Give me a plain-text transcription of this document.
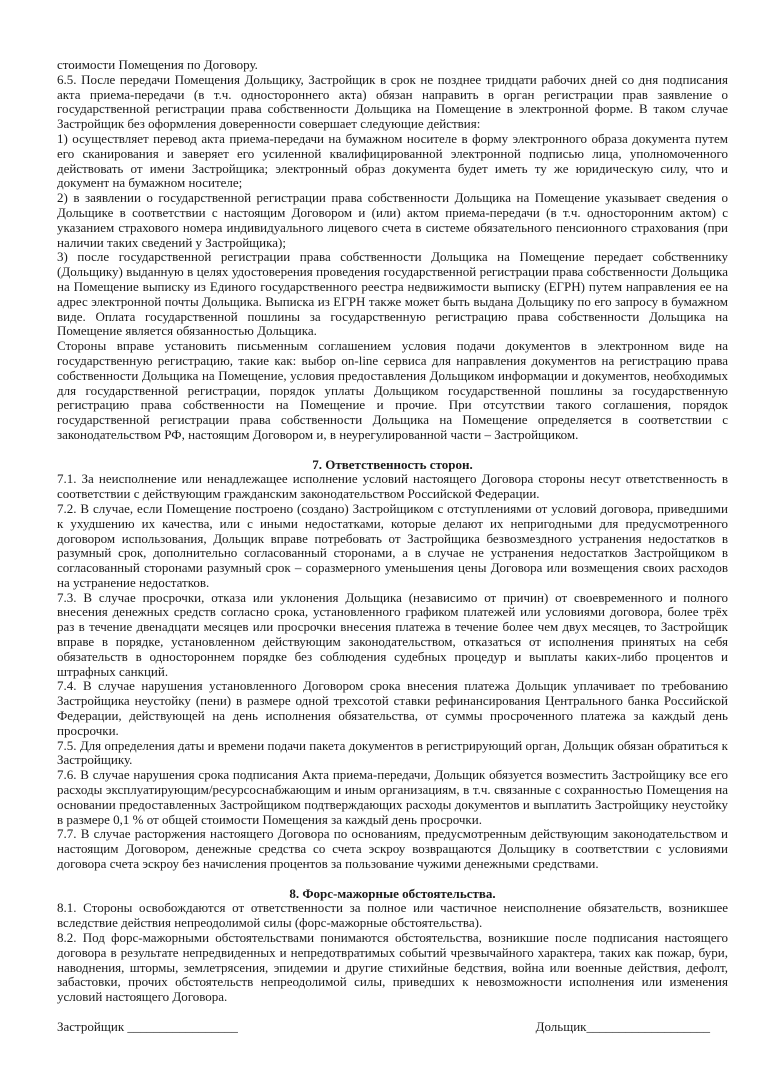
стоимости Помещения по Договору.

6.5. После передачи Помещения Дольщику, Застройщик в срок не позднее тридцати рабочих дней со дня подписания акта приема-передачи (в т.ч. одностороннего акта) обязан направить в орган регистрации прав заявление о государственной регистрации права собственности Дольщика на Помещение в электронной форме. В таком случае Застройщик без оформления доверенности совершает следующие действия:

1) осуществляет перевод акта приема-передачи на бумажном носителе в форму электронного образа документа путем его сканирования и заверяет его усиленной квалифицированной электронной подписью лица, уполномоченного действовать от имени Застройщика; электронный образ документа будет иметь ту же юридическую силу, что и документ на бумажном носителе;

2) в заявлении о государственной регистрации права собственности Дольщика на Помещение указывает сведения о Дольщике в соответствии с настоящим Договором и (или) актом приема-передачи (в т.ч. односторонним актом) с указанием страхового номера индивидуального лицевого счета в системе обязательного пенсионного страхования (при наличии таких сведений у Застройщика);

3) после государственной регистрации права собственности Дольщика на Помещение передает собственнику (Дольщику) выданную в целях удостоверения проведения государственной регистрации права собственности Дольщика на Помещение выписку из Единого государственного реестра недвижимости выписку (ЕГРН) путем направления ее на адрес электронной почты Дольщика. Выписка из ЕГРН также может быть выдана Дольщику по его запросу в бумажном виде. Оплата государственной пошлины за государственную регистрацию права собственности Дольщика на Помещение является обязанностью Дольщика.

Стороны вправе установить письменным соглашением условия подачи документов в электронном виде на государственную регистрацию, такие как: выбор on-line сервиса для направления документов на регистрацию права собственности Дольщика на Помещение, условия предоставления Дольщиком информации и документов, необходимых для государственной регистрации, порядок уплаты Дольщиком государственной пошлины за государственную регистрацию права собственности на Помещение и прочие. При отсутствии такого соглашения, порядок государственной регистрации права собственности Дольщика на Помещение определяется в соответствии с законодательством РФ, настоящим Договором и, в неурегулированной части – Застройщиком.

7. Ответственность сторон.

7.1. За неисполнение или ненадлежащее исполнение условий настоящего Договора стороны несут ответственность в соответствии с действующим гражданским законодательством Российской Федерации.

7.2. В случае, если Помещение построено (создано) Застройщиком с отступлениями от условий договора, приведшими к ухудшению их качества, или с иными недостатками, которые делают их непригодными для предусмотренного договором использования, Дольщик вправе потребовать от Застройщика безвозмездного устранения недостатков в разумный срок, дополнительно согласованный сторонами, а в случае не устранения недостатков Застройщиком в согласованный сторонами разумный срок – соразмерного уменьшения цены Договора или возмещения своих расходов на устранение недостатков.

7.3. В случае просрочки, отказа или уклонения Дольщика (независимо от причин) от своевременного и полного внесения денежных средств согласно срока, установленного графиком платежей или условиями договора, более трёх раз в течение двенадцати месяцев или просрочки внесения платежа в течение более чем двух месяцев, то Застройщик вправе в порядке, установленном действующим законодательством, отказаться от исполнения принятых на себя обязательств в одностороннем порядке без соблюдения судебных процедур и выплаты каких-либо процентов и штрафных санкций.

7.4. В случае нарушения установленного Договором срока внесения платежа Дольщик уплачивает по требованию Застройщика неустойку (пени) в размере одной трехсотой ставки рефинансирования Центрального банка Российской Федерации, действующей на день исполнения обязательства, от суммы просроченного платежа за каждый день просрочки.

7.5. Для определения даты и времени подачи пакета документов в регистрирующий орган, Дольщик обязан обратиться к Застройщику.

7.6. В случае нарушения срока подписания Акта приема-передачи, Дольщик обязуется возместить Застройщику все его расходы эксплуатирующим/ресурсоснабжающим и иным организациям, в т.ч. связанные с сохранностью Помещения на основании предоставленных Застройщиком подтверждающих расходы документов и выплатить Застройщику неустойку в размере 0,1 % от общей стоимости Помещения за каждый день просрочки.

7.7. В случае расторжения настоящего Договора по основаниям, предусмотренным действующим законодательством и настоящим Договором, денежные средства со счета эскроу возвращаются Дольщику в соответствии с условиями договора счета эскроу без начисления процентов за пользование чужими денежными средствами.

8. Форс-мажорные обстоятельства.

8.1. Стороны освобождаются от ответственности за полное или частичное неисполнение обязательств, возникшее вследствие действия непреодолимой силы (форс-мажорные обстоятельства).

8.2. Под форс-мажорными обстоятельствами понимаются обстоятельства, возникшие после подписания настоящего договора в результате непредвиденных и непредотвратимых событий чрезвычайного характера, таких как пожар, бури, наводнения, штормы, землетрясения, эпидемии и другие стихийные бедствия, война или военные действия, дефолт, забастовки, прочих обстоятельств непреодолимой силы, приведших к невозможности исполнения или изменения условий настоящего Договора.

Застройщик _________________	Дольщик___________________
